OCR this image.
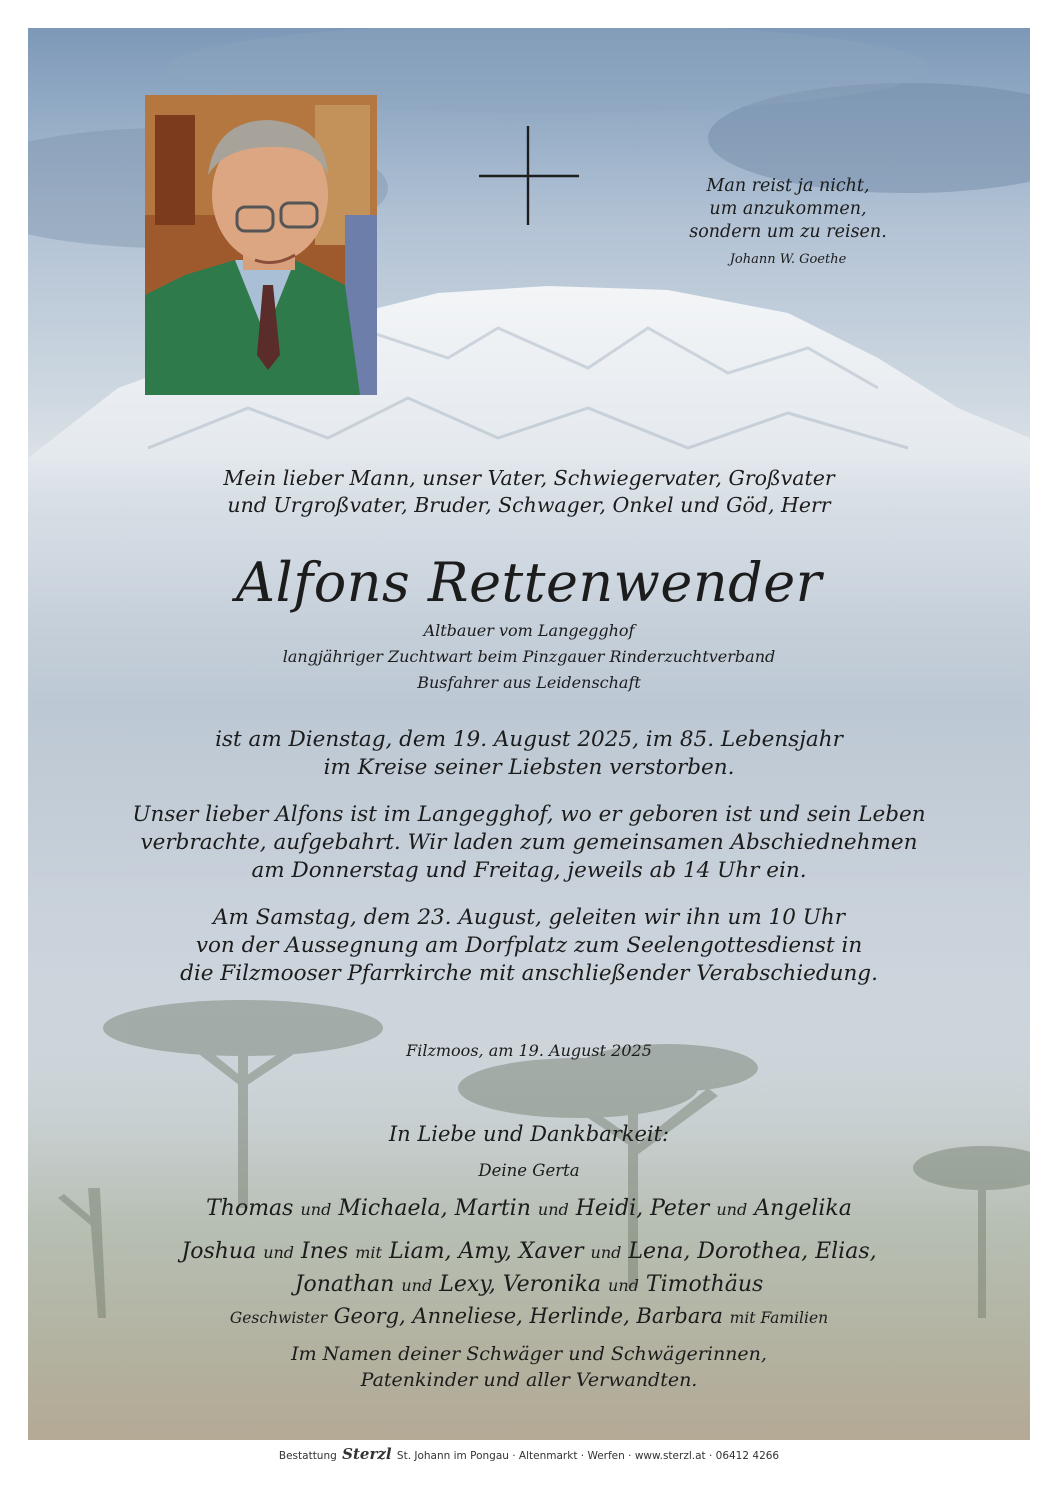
Man reist ja nicht,
um anzukommen,
sondern um zu reisen.
Johann W. Goethe
Mein lieber Mann, unser Vater, Schwiegervater, Großvater
und Urgroßvater, Bruder, Schwager, Onkel und Göd, Herr
Alfons Rettenwender
Altbauer vom Langegghof
langjähriger Zuchtwart beim Pinzgauer Rinderzuchtverband
Busfahrer aus Leidenschaft
ist am Dienstag, dem 19. August 2025, im 85. Lebensjahr
im Kreise seiner Liebsten verstorben.
Unser lieber Alfons ist im Langegghof, wo er geboren ist und sein Leben
verbrachte, aufgebahrt. Wir laden zum gemeinsamen Abschiednehmen
am Donnerstag und Freitag, jeweils ab 14 Uhr ein.
Am Samstag, dem 23. August, geleiten wir ihn um 10 Uhr
von der Aussegnung am Dorfplatz zum Seelengottesdienst in
die Filzmooser Pfarrkirche mit anschließender Verabschiedung.
Filzmoos, am 19. August 2025
In Liebe und Dankbarkeit:
Deine Gerta
Thomas und Michaela, Martin und Heidi, Peter und Angelika
Joshua und Ines mit Liam, Amy, Xaver und Lena, Dorothea, Elias,
Jonathan und Lexy, Veronika und Timothäus
Geschwister Georg, Anneliese, Herlinde, Barbara mit Familien
Im Namen deiner Schwäger und Schwägerinnen,
Patenkinder und aller Verwandten.
Bestattung Sterzl St. Johann im Pongau · Altenmarkt · Werfen · www.sterzl.at · 06412 4266
